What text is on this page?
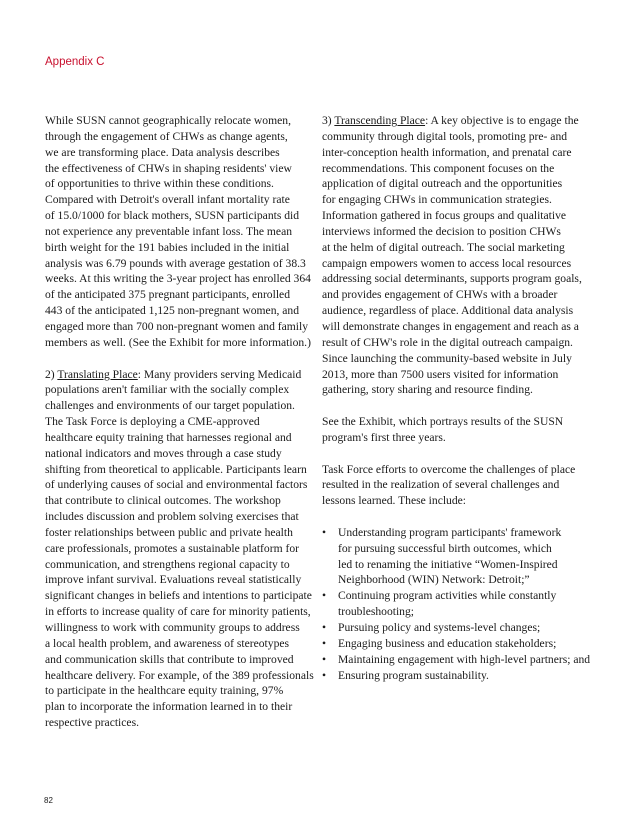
Appendix C
While SUSN cannot geographically relocate women,
through the engagement of CHWs as change agents,
we are transforming place. Data analysis describes
the effectiveness of CHWs in shaping residents' view
of opportunities to thrive within these conditions.
Compared with Detroit's overall infant mortality rate
of 15.0/1000 for black mothers, SUSN participants did
not experience any preventable infant loss. The mean
birth weight for the 191 babies included in the initial
analysis was 6.79 pounds with average gestation of 38.3
weeks. At this writing the 3-year project has enrolled 364
of the anticipated 375 pregnant participants, enrolled
443 of the anticipated 1,125 non-pregnant women, and
engaged more than 700 non-pregnant women and family
members as well. (See the Exhibit for more information.)
2) Translating Place: Many providers serving Medicaid
populations aren't familiar with the socially complex
challenges and environments of our target population.
The Task Force is deploying a CME-approved
healthcare equity training that harnesses regional and
national indicators and moves through a case study
shifting from theoretical to applicable. Participants learn
of underlying causes of social and environmental factors
that contribute to clinical outcomes. The workshop
includes discussion and problem solving exercises that
foster relationships between public and private health
care professionals, promotes a sustainable platform for
communication, and strengthens regional capacity to
improve infant survival. Evaluations reveal statistically
significant changes in beliefs and intentions to participate
in efforts to increase quality of care for minority patients,
willingness to work with community groups to address
a local health problem, and awareness of stereotypes
and communication skills that contribute to improved
healthcare delivery. For example, of the 389 professionals
to participate in the healthcare equity training, 97%
plan to incorporate the information learned in to their
respective practices.
3) Transcending Place: A key objective is to engage the
community through digital tools, promoting pre- and
inter-conception health information, and prenatal care
recommendations. This component focuses on the
application of digital outreach and the opportunities
for engaging CHWs in communication strategies.
Information gathered in focus groups and qualitative
interviews informed the decision to position CHWs
at the helm of digital outreach. The social marketing
campaign empowers women to access local resources
addressing social determinants, supports program goals,
and provides engagement of CHWs with a broader
audience, regardless of place. Additional data analysis
will demonstrate changes in engagement and reach as a
result of CHW's role in the digital outreach campaign.
Since launching the community-based website in July
2013, more than 7500 users visited for information
gathering, story sharing and resource finding.
See the Exhibit, which portrays results of the SUSN
program's first three years.
Task Force efforts to overcome the challenges of place
resulted in the realization of several challenges and
lessons learned. These include:
• Understanding program participants' framework
for pursuing successful birth outcomes, which
led to renaming the initiative “Women-Inspired
Neighborhood (WIN) Network: Detroit;”
• Continuing program activities while constantly
troubleshooting;
• Pursuing policy and systems-level changes;
• Engaging business and education stakeholders;
• Maintaining engagement with high-level partners; and
• Ensuring program sustainability.
82
